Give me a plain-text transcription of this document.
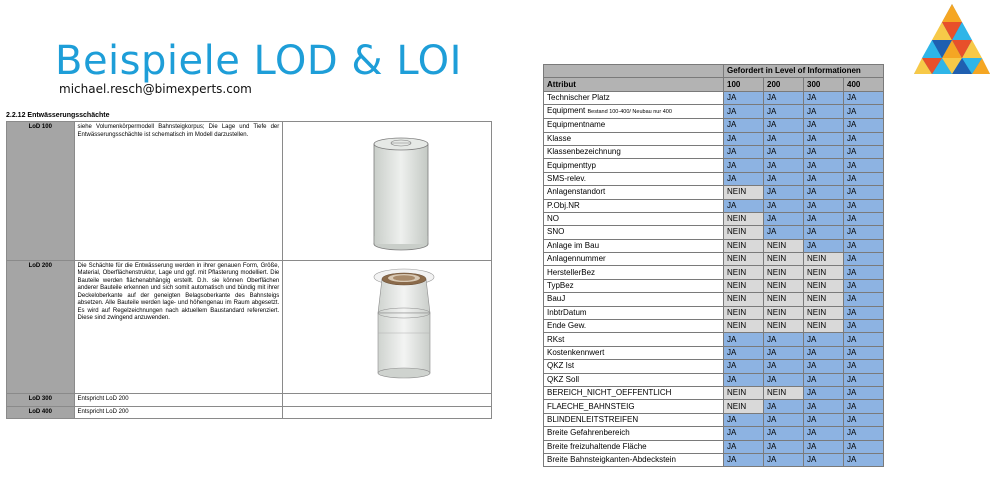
Beispiele LOD & LOI
michael.resch@bimexperts.com
2.2.12 Entwässerungsschächte
LoD 100	siehe Volumenkörpermodell Bahnsteigkorpus; Die Lage und Tiefe der Entwässerungsschächte ist schematisch im Modell darzustellen.	
LoD 200	Die Schächte für die Entwässerung werden in ihrer genauen Form, Größe, Material, Oberflächenstruktur, Lage und ggf. mit Pflasterung modelliert. Die Bauteile werden flächenabhängig erstellt. D.h. sie können Oberflächen anderer Bauteile erkennen und sich somit automatisch und bündig mit ihrer Deckeloberkante auf der geneigten Belagsoberkante des Bahnsteigs absetzen. Alle Bauteile werden lage- und höhengenau im Raum abgesetzt. Es wird auf Regelzeichnungen nach aktuellem Baustandard referenziert. Diese sind zwingend anzuwenden.	
LoD 300	Entspricht LoD 200	
LoD 400	Entspricht LoD 200	
	Gefordert in Level of Informationen			
Attribut	100	200	300	400
Technischer Platz	JA	JA	JA	JA
Equipment Bestand 100-400/ Neubau nur 400	JA	JA	JA	JA
Equipmentname	JA	JA	JA	JA
Klasse	JA	JA	JA	JA
Klassenbezeichnung	JA	JA	JA	JA
Equipmenttyp	JA	JA	JA	JA
SMS-relev.	JA	JA	JA	JA
Anlagenstandort	NEIN	JA	JA	JA
P.Obj.NR	JA	JA	JA	JA
NO	NEIN	JA	JA	JA
SNO	NEIN	JA	JA	JA
Anlage im Bau	NEIN	NEIN	JA	JA
Anlagennummer	NEIN	NEIN	NEIN	JA
HerstellerBez	NEIN	NEIN	NEIN	JA
TypBez	NEIN	NEIN	NEIN	JA
BauJ	NEIN	NEIN	NEIN	JA
InbtrDatum	NEIN	NEIN	NEIN	JA
Ende Gew.	NEIN	NEIN	NEIN	JA
RKst	JA	JA	JA	JA
Kostenkennwert	JA	JA	JA	JA
QKZ Ist	JA	JA	JA	JA
QKZ Soll	JA	JA	JA	JA
BEREICH_NICHT_OEFFENTLICH	NEIN	NEIN	JA	JA
FLAECHE_BAHNSTEIG	NEIN	JA	JA	JA
BLINDENLEITSTREIFEN	JA	JA	JA	JA
Breite Gefahrenbereich	JA	JA	JA	JA
Breite freizuhaltende Fläche	JA	JA	JA	JA
Breite Bahnsteigkanten-Abdeckstein	JA	JA	JA	JA
